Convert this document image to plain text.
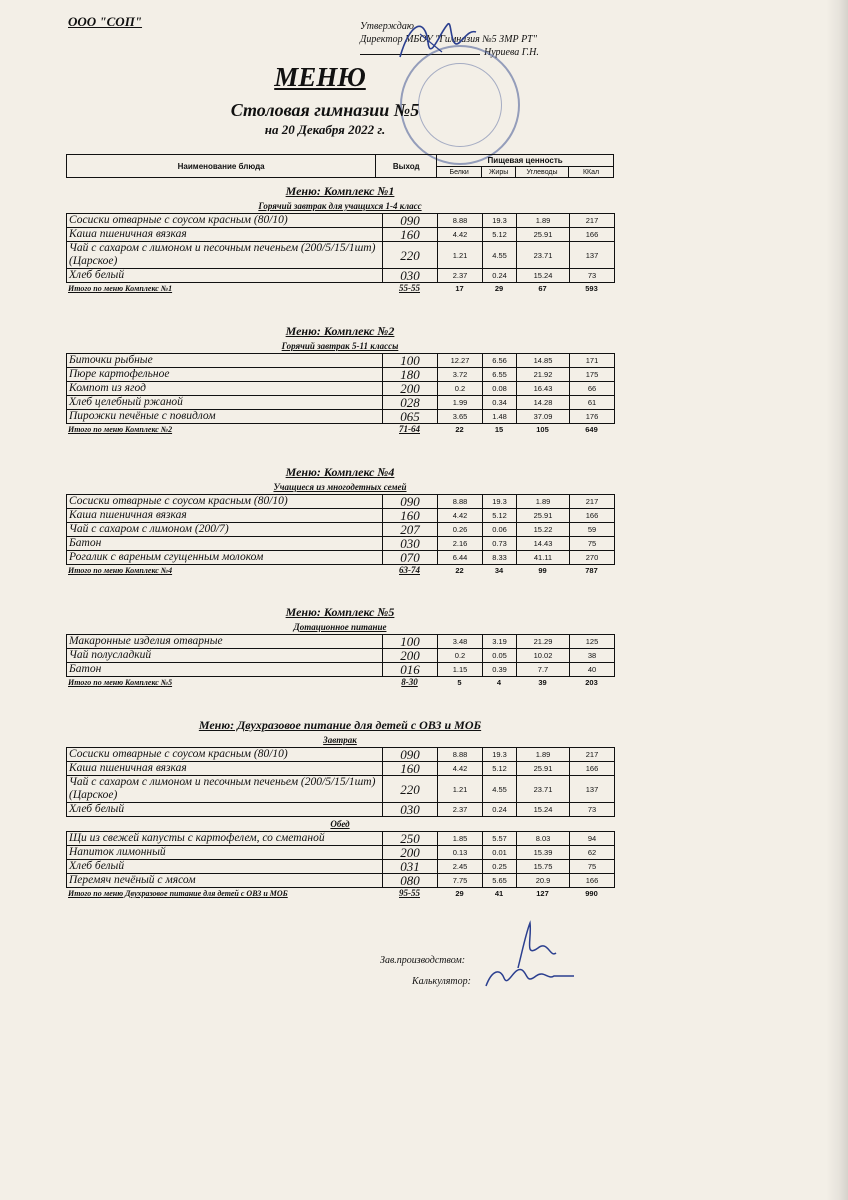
ООО "СОП"	Утверждаю
Директор МБОУ "Гимназия №5 ЗМР РТ"
Нуриева Г.Н.
МЕНЮ
Столовая гимназии №5
на 20 Декабря 2022 г.
Наименование блюда	Выход	Пищевая ценность			
		Белки	Жиры	Углеводы	ККал
Меню: Комплекс №1
Горячий завтрак для учащихся 1-4 класс
Сосиски отварные с соусом красным (80/10)	090	8.88	19.3	1.89	217
Каша пшеничная вязкая	160	4.42	5.12	25.91	166
Чай с сахаром с лимоном и песочным печеньем (200/5/15/1шт) (Царское)	220	1.21	4.55	23.71	137
Хлеб белый	030	2.37	0.24	15.24	73
Итого по меню Комплекс №1	55-55	17	29	67	593
Меню: Комплекс №2
Горячий завтрак 5-11 классы
Биточки рыбные	100	12.27	6.56	14.85	171
Пюре картофельное	180	3.72	6.55	21.92	175
Компот из ягод	200	0.2	0.08	16.43	66
Хлеб целебный ржаной	028	1.99	0.34	14.28	61
Пирожки печёные с повидлом	065	3.65	1.48	37.09	176
Итого по меню Комплекс №2	71-64	22	15	105	649
Меню: Комплекс №4
Учащиеся из многодетных семей
Сосиски отварные с соусом красным (80/10)	090	8.88	19.3	1.89	217
Каша пшеничная вязкая	160	4.42	5.12	25.91	166
Чай с сахаром с лимоном (200/7)	207	0.26	0.06	15.22	59
Батон	030	2.16	0.73	14.43	75
Рогалик с вареным сгущенным молоком	070	6.44	8.33	41.11	270
Итого по меню Комплекс №4	63-74	22	34	99	787
Меню: Комплекс №5
Дотационное питание
Макаронные изделия отварные	100	3.48	3.19	21.29	125
Чай полусладкий	200	0.2	0.05	10.02	38
Батон	016	1.15	0.39	7.7	40
Итого по меню Комплекс №5	8-30	5	4	39	203
Меню: Двухразовое питание для детей с ОВЗ и МОБ
Завтрак
Сосиски отварные с соусом красным (80/10)	090	8.88	19.3	1.89	217
Каша пшеничная вязкая	160	4.42	5.12	25.91	166
Чай с сахаром с лимоном и песочным печеньем (200/5/15/1шт) (Царское)	220	1.21	4.55	23.71	137
Хлеб белый	030	2.37	0.24	15.24	73
Обед
Щи из свежей капусты с картофелем, со сметаной	250	1.85	5.57	8.03	94
Напиток лимонный	200	0.13	0.01	15.39	62
Хлеб белый	031	2.45	0.25	15.75	75
Перемяч печёный с мясом	080	7.75	5.65	20.9	166
Итого по меню Двухразовое питание для детей с ОВЗ и МОБ	95-55	29	41	127	990
Зав.производством:
Калькулятор:
